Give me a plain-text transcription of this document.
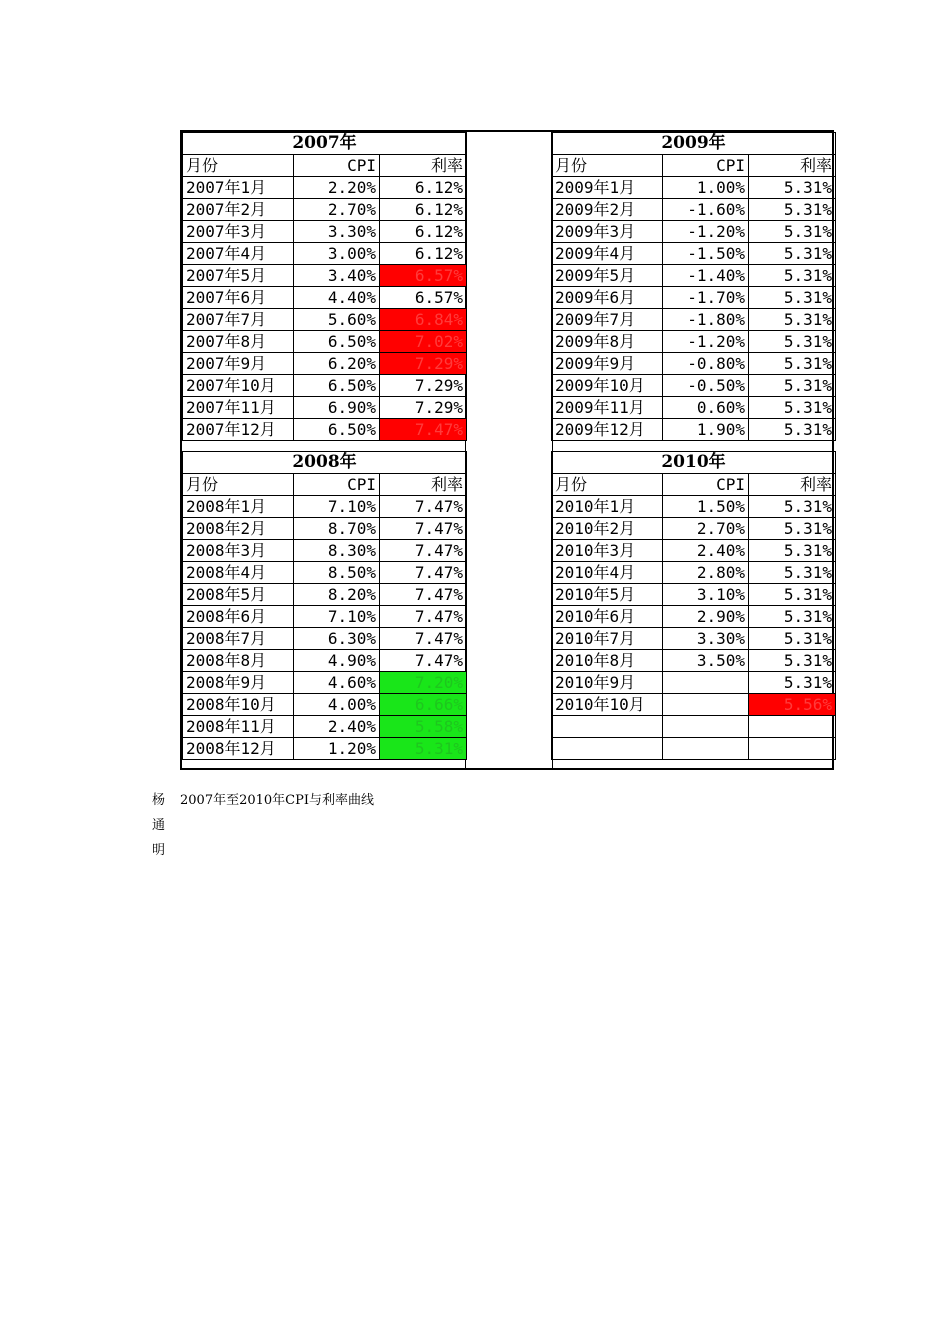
2007年		
月份	CPI	利率
2007年1月	2.20%	6.12%
2007年2月	2.70%	6.12%
2007年3月	3.30%	6.12%
2007年4月	3.00%	6.12%
2007年5月	3.40%	6.57%
2007年6月	4.40%	6.57%
2007年7月	5.60%	6.84%
2007年8月	6.50%	7.02%
2007年9月	6.20%	7.29%
2007年10月	6.50%	7.29%
2007年11月	6.90%	7.29%
2007年12月	6.50%	7.47%
2008年		
月份	CPI	利率
2008年1月	7.10%	7.47%
2008年2月	8.70%	7.47%
2008年3月	8.30%	7.47%
2008年4月	8.50%	7.47%
2008年5月	8.20%	7.47%
2008年6月	7.10%	7.47%
2008年7月	6.30%	7.47%
2008年8月	4.90%	7.47%
2008年9月	4.60%	7.20%
2008年10月	4.00%	6.66%
2008年11月	2.40%	5.58%
2008年12月	1.20%	5.31%
2009年		
月份	CPI	利率
2009年1月	1.00%	5.31%
2009年2月	-1.60%	5.31%
2009年3月	-1.20%	5.31%
2009年4月	-1.50%	5.31%
2009年5月	-1.40%	5.31%
2009年6月	-1.70%	5.31%
2009年7月	-1.80%	5.31%
2009年8月	-1.20%	5.31%
2009年9月	-0.80%	5.31%
2009年10月	-0.50%	5.31%
2009年11月	0.60%	5.31%
2009年12月	1.90%	5.31%
2010年		
月份	CPI	利率
2010年1月	1.50%	5.31%
2010年2月	2.70%	5.31%
2010年3月	2.40%	5.31%
2010年4月	2.80%	5.31%
2010年5月	3.10%	5.31%
2010年6月	2.90%	5.31%
2010年7月	3.30%	5.31%
2010年8月	3.50%	5.31%
2010年9月		5.31%
2010年10月		5.56%

杨
通
明
2007年至2010年CPI与利率曲线
